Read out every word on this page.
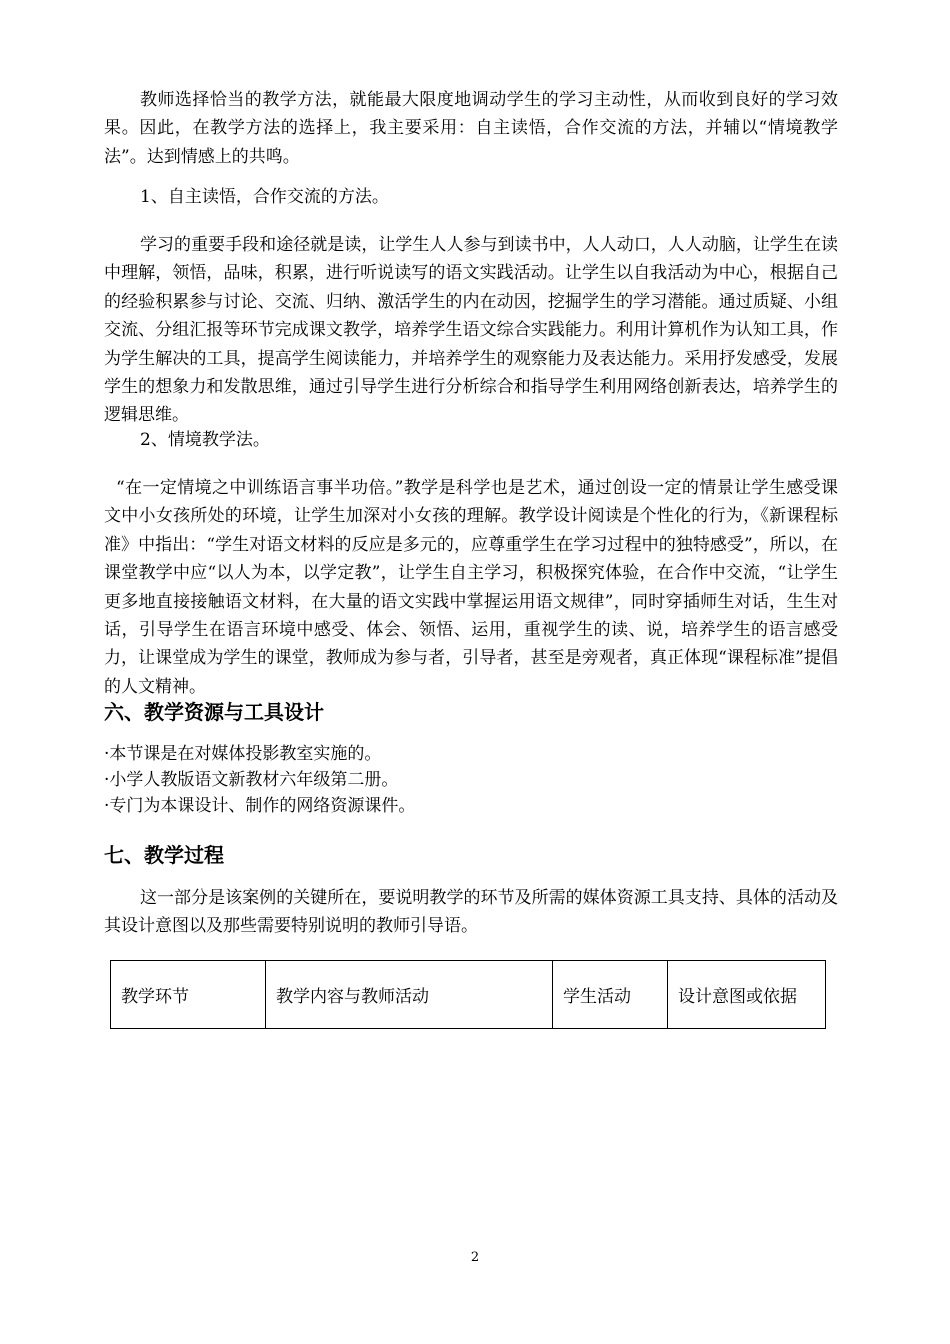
教师选择恰当的教学方法，就能最大限度地调动学生的学习主动性，从而收到良好的学习效果。因此，在教学方法的选择上，我主要采用：自主读悟，合作交流的方法，并辅以“情境教学法”。达到情感上的共鸣。

1、自主读悟，合作交流的方法。

学习的重要手段和途径就是读，让学生人人参与到读书中，人人动口，人人动脑，让学生在读中理解，领悟，品味，积累，进行听说读写的语文实践活动。让学生以自我活动为中心，根据自己的经验积累参与讨论、交流、归纳、激活学生的内在动因，挖掘学生的学习潜能。通过质疑、小组交流、分组汇报等环节完成课文教学，培养学生语文综合实践能力。利用计算机作为认知工具，作为学生解决的工具，提高学生阅读能力，并培养学生的观察能力及表达能力。采用抒发感受，发展学生的想象力和发散思维，通过引导学生进行分析综合和指导学生利用网络创新表达，培养学生的逻辑思维。

2、情境教学法。

“在一定情境之中训练语言事半功倍。”教学是科学也是艺术，通过创设一定的情景让学生感受课文中小女孩所处的环境，让学生加深对小女孩的理解。教学设计阅读是个性化的行为，《新课程标准》中指出：“学生对语文材料的反应是多元的，应尊重学生在学习过程中的独特感受”，所以，在课堂教学中应“以人为本，以学定教”，让学生自主学习，积极探究体验，在合作中交流，“让学生更多地直接接触语文材料，在大量的语文实践中掌握运用语文规律”，同时穿插师生对话，生生对话，引导学生在语言环境中感受、体会、领悟、运用，重视学生的读、说，培养学生的语言感受力，让课堂成为学生的课堂，教师成为参与者，引导者，甚至是旁观者，真正体现“课程标准”提倡的人文精神。

六、教学资源与工具设计
·本节课是在对媒体投影教室实施的。
·小学人教版语文新教材六年级第二册。
·专门为本课设计、制作的网络资源课件。
七、教学过程

这一部分是该案例的关键所在，要说明教学的环节及所需的媒体资源工具支持、具体的活动及其设计意图以及那些需要特别说明的教师引导语。

教学环节	教学内容与教师活动	学生活动	设计意图或依据
2
